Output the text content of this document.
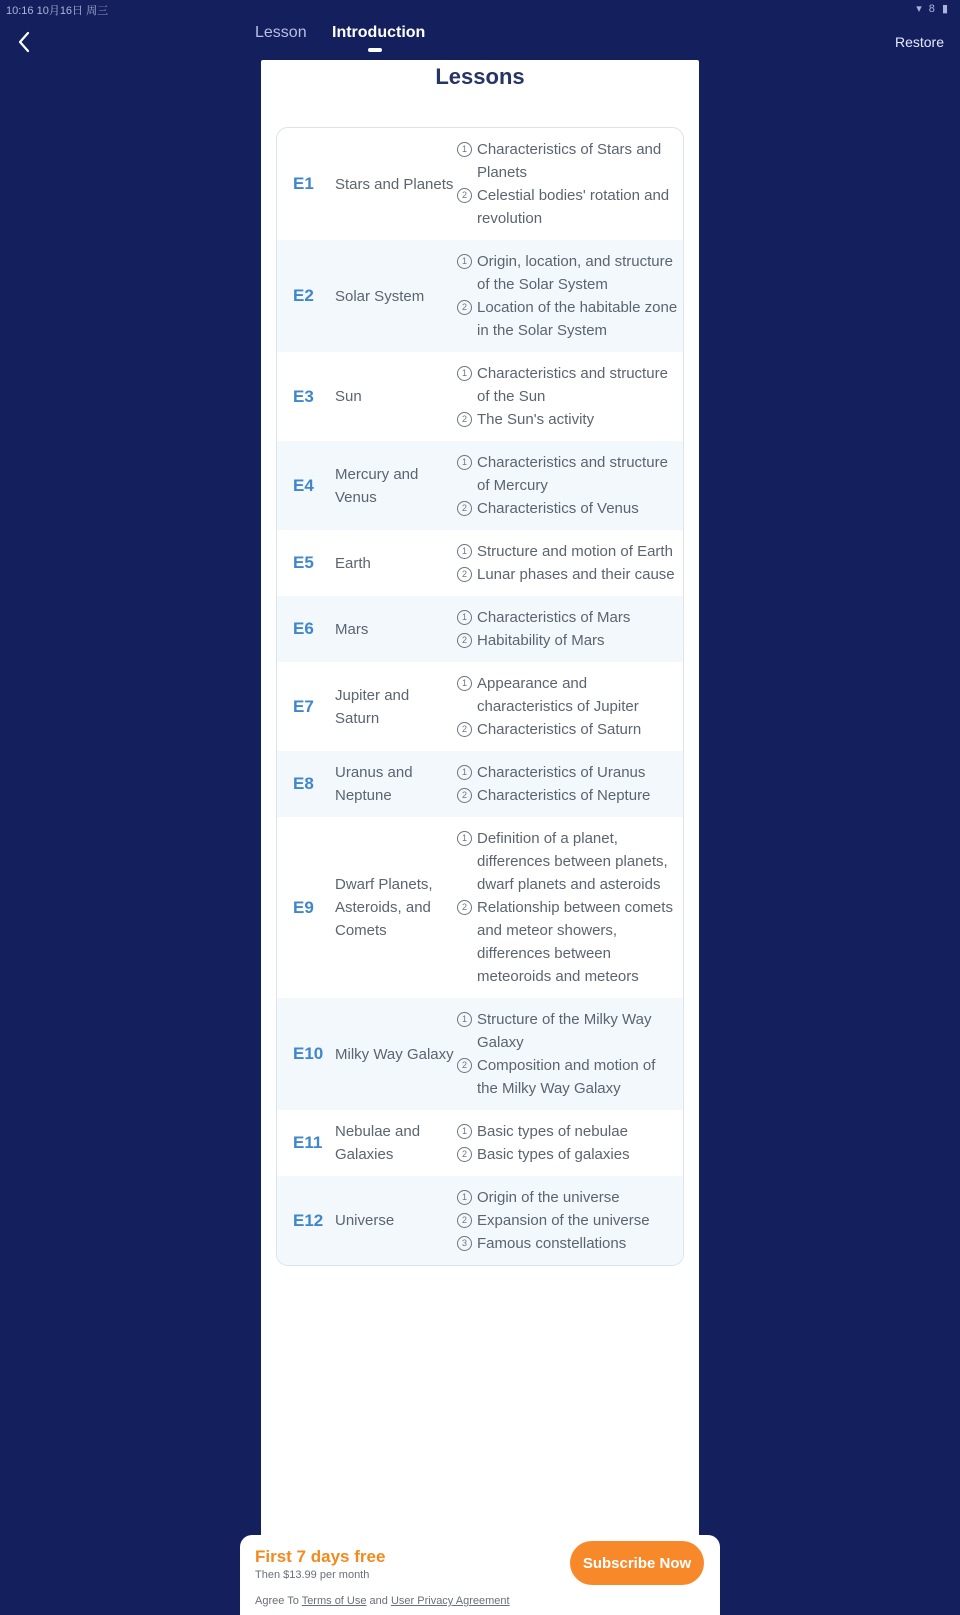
10:16 10月16日 周三	▾ 8 ▮
Lesson Introduction
Restore
Lessons
E1	Stars and Planets
1 Characteristics of Stars and Planets
2 Celestial bodies' rotation and revolution
E2	Solar System
1 Origin, location, and structure of the Solar System
2 Location of the habitable zone in the Solar System
E3	Sun
1 Characteristics and structure of the Sun
2 The Sun's activity
E4
Mercury and Venus
1 Characteristics and structure of Mercury
2 Characteristics of Venus
E5	Earth
1 Structure and motion of Earth
2 Lunar phases and their cause
E6	Mars
1 Characteristics of Mars
2 Habitability of Mars
E7
Jupiter and Saturn
1 Appearance and characteristics of Jupiter
2 Characteristics of Saturn
E8
Uranus and Neptune
1 Characteristics of Uranus
2 Characteristics of Nepture
E9
Dwarf Planets, Asteroids, and Comets
1 Definition of a planet, differences between planets, dwarf planets and asteroids
2 Relationship between comets and meteor showers, differences between meteoroids and meteors
E10 Milky Way Galaxy
1 Structure of the Milky Way Galaxy
2 Composition and motion of the Milky Way Galaxy
E11
Nebulae and Galaxies
1 Basic types of nebulae
2 Basic types of galaxies
E12 Universe
1 Origin of the universe
2 Expansion of the universe
3 Famous constellations
First 7 days free
Then $13.99 per month
Subscribe Now
Agree To Terms of Use and User Privacy Agreement
